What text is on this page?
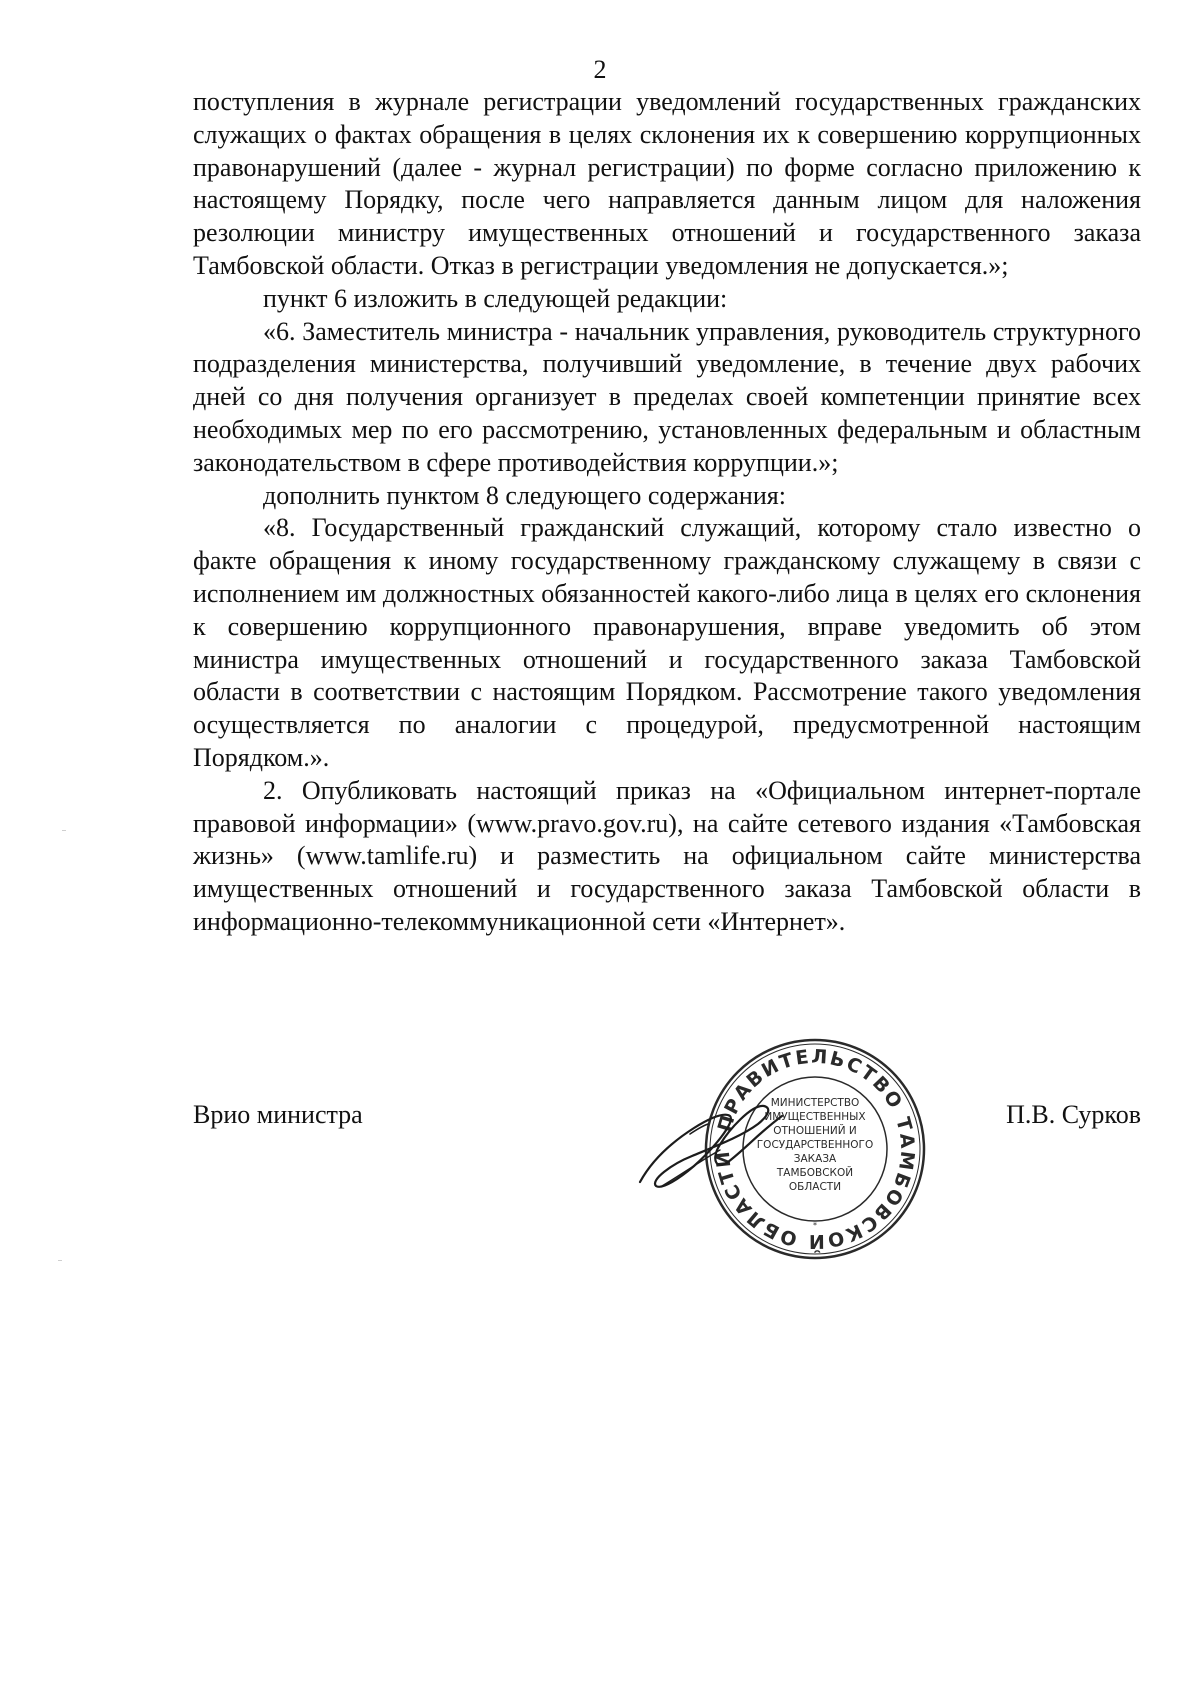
2

поступления в журнале регистрации уведомлений государственных гражданских служащих о фактах обращения в целях склонения их к совершению коррупционных правонарушений (далее - журнал регистрации) по форме согласно приложению к настоящему Порядку, после чего направляется данным лицом для наложения резолюции министру имущественных отношений и государственного заказа Тамбовской области. Отказ в регистрации уведомления не допускается.»;

пункт 6 изложить в следующей редакции:

«6. Заместитель министра - начальник управления, руководитель структурного подразделения министерства, получивший уведомление, в течение двух рабочих дней со дня получения организует в пределах своей компетенции принятие всех необходимых мер по его рассмотрению, установленных федеральным и областным законодательством в сфере противодействия коррупции.»;

дополнить пунктом 8 следующего содержания:

«8. Государственный гражданский служащий, которому стало известно о факте обращения к иному государственному гражданскому служащему в связи с исполнением им должностных обязанностей какого-либо лица в целях его склонения к совершению коррупционного правонарушения, вправе уведомить об этом министра имущественных отношений и государственного заказа Тамбовской области в соответствии с настоящим Порядком. Рассмотрение такого уведомления осуществляется по аналогии с процедурой, предусмотренной настоящим Порядком.».

2. Опубликовать настоящий приказ на «Официальном интернет-портале правовой информации» (www.pravo.gov.ru), на сайте сетевого издания «Тамбовская жизнь» (www.tamlife.ru) и разместить на официальном сайте министерства имущественных отношений и государственного заказа Тамбовской области в информационно-телекоммуникационной сети «Интернет».

Врио министра	П.В. Сурков
ПРАВИТЕЛЬСТВО ТАМБОВСКОЙ ОБЛАСТИ
МИНИСТЕРСТВО
ИМУЩЕСТВЕННЫХ
ОТНОШЕНИЙ И
ГОСУДАРСТВЕННОГО
ЗАКАЗА
ТАМБОВСКОЙ
ОБЛАСТИ
*
